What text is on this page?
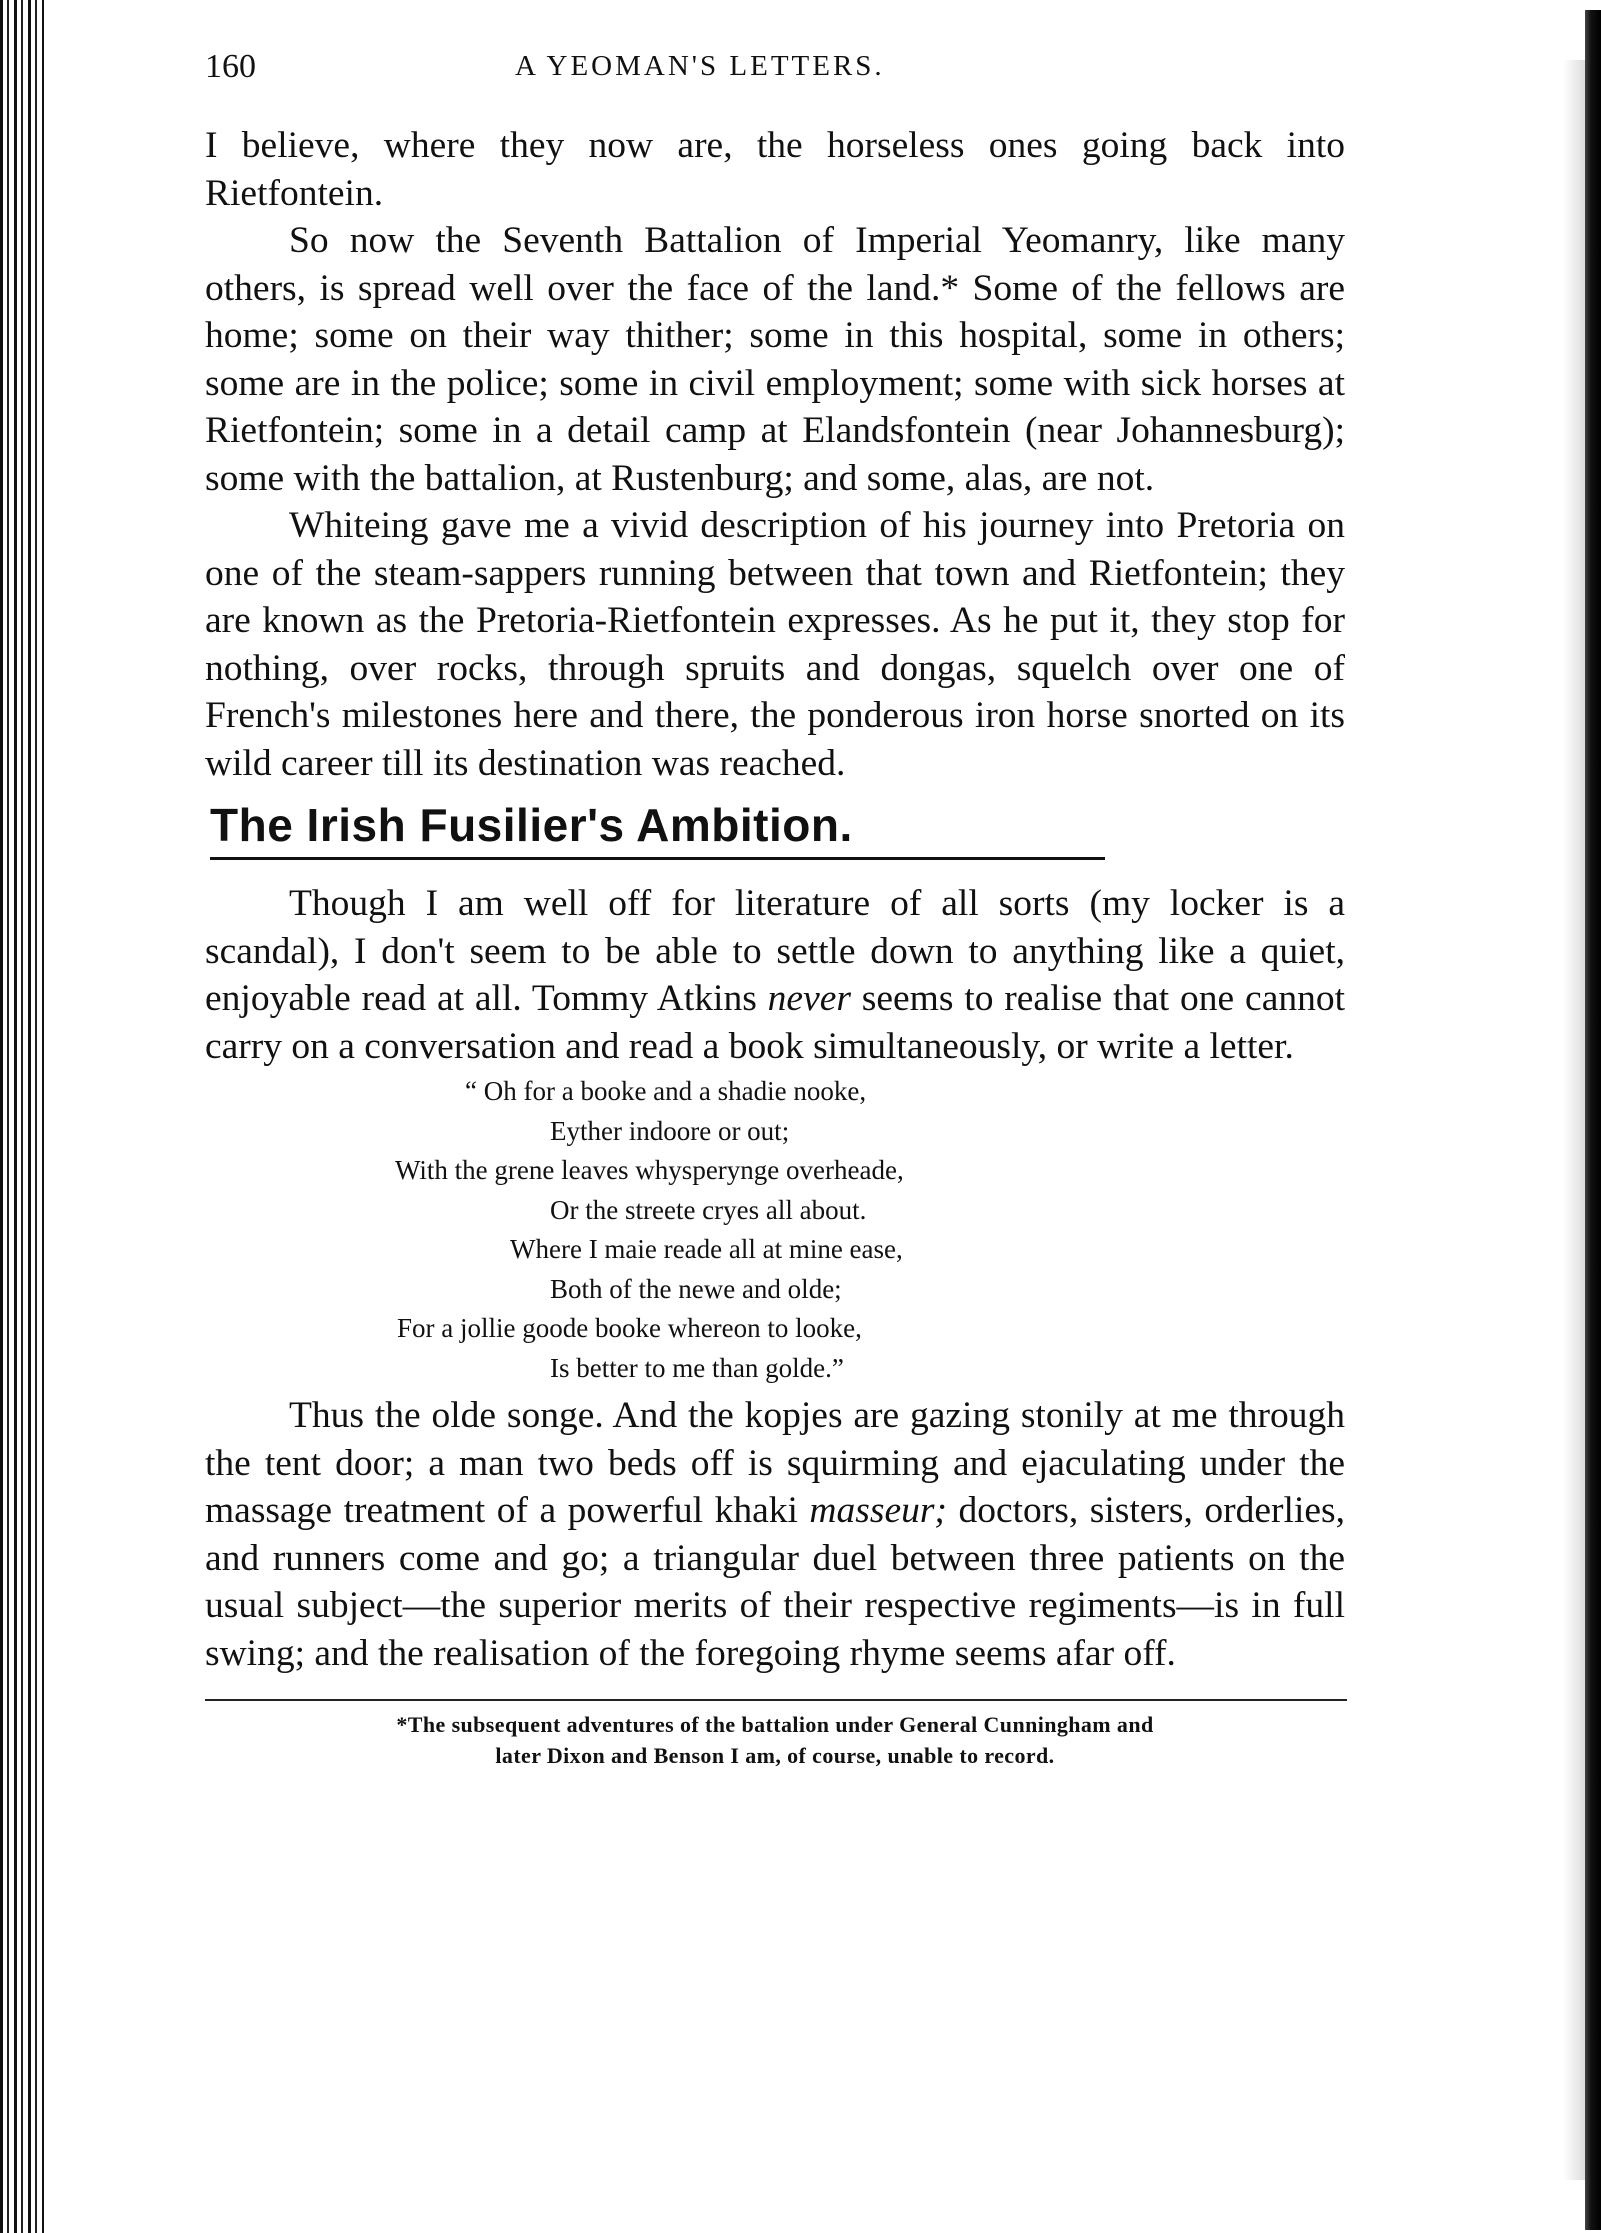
160	A YEOMAN'S LETTERS.

I believe, where they now are, the horseless ones going back into Rietfontein.

So now the Seventh Battalion of Imperial Yeomanry, like many others, is spread well over the face of the land.* Some of the fellows are home; some on their way thither; some in this hospital, some in others; some are in the police; some in civil employment; some with sick horses at Rietfontein; some in a detail camp at Elandsfontein (near Johannesburg); some with the battalion, at Rustenburg; and some, alas, are not.

Whiteing gave me a vivid description of his journey into Pretoria on one of the steam-sappers running between that town and Rietfontein; they are known as the Pretoria-Rietfontein expresses. As he put it, they stop for nothing, over rocks, through spruits and dongas, squelch over one of French's milestones here and there, the ponderous iron horse snorted on its wild career till its destination was reached.

The Irish Fusilier's Ambition.

Though I am well off for literature of all sorts (my locker is a scandal), I don't seem to be able to settle down to anything like a quiet, enjoyable read at all. Tommy Atkins never seems to realise that one cannot carry on a conversation and read a book simultaneously, or write a letter.

“ Oh for a booke and a shadie nooke,
Eyther indoore or out;
With the grene leaves whysperynge overheade,
Or the streete cryes all about.
Where I maie reade all at mine ease,
Both of the newe and olde;
For a jollie goode booke whereon to looke,
Is better to me than golde.”

Thus the olde songe. And the kopjes are gazing stonily at me through the tent door; a man two beds off is squirming and ejaculating under the massage treatment of a powerful khaki masseur; doctors, sisters, orderlies, and runners come and go; a triangular duel between three patients on the usual subject—the superior merits of their respective regiments—is in full swing; and the realisation of the foregoing rhyme seems afar off.

*The subsequent adventures of the battalion under General Cunningham and
later Dixon and Benson I am, of course, unable to record.
